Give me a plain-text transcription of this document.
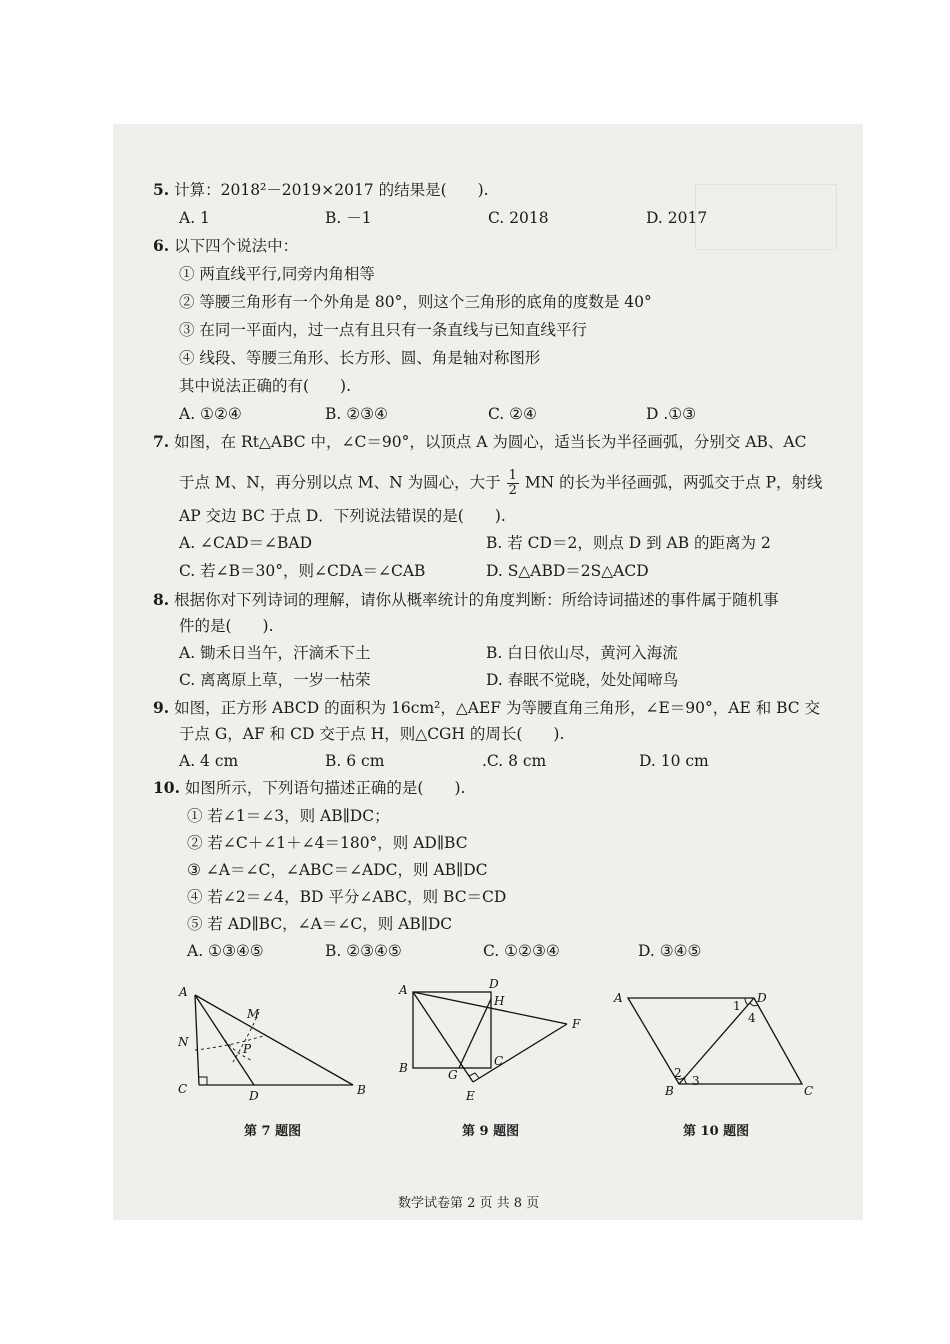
5. 计算：2018²－2019×2017 的结果是(　　).
A. 1	B. －1	C. 2018	D. 2017
6. 以下四个说法中：
① 两直线平行,同旁内角相等
② 等腰三角形有一个外角是 80°，则这个三角形的底角的度数是 40°
③ 在同一平面内，过一点有且只有一条直线与已知直线平行
④ 线段、等腰三角形、长方形、圆、角是轴对称图形
其中说法正确的有(　　).
A. ①②④	B. ②③④	C. ②④	D .①③
7. 如图，在 Rt△ABC 中，∠C＝90°，以顶点 A 为圆心，适当长为半径画弧，分别交 AB、AC
于点 M、N，再分别以点 M、N 为圆心，大于 $\frac{1}{2}$ MN 的长为半径画弧，两弧交于点 P，射线
AP 交边 BC 于点 D．下列说法错误的是(　　).
A. ∠CAD＝∠BAD	B. 若 CD＝2，则点 D 到 AB 的距离为 2
C. 若∠B＝30°，则∠CDA＝∠CAB	D. S△ABD＝2S△ACD
8. 根据你对下列诗词的理解，请你从概率统计的角度判断：所给诗词描述的事件属于随机事
件的是(　　).
A. 锄禾日当午，汗滴禾下土	B. 白日依山尽，黄河入海流
C. 离离原上草，一岁一枯荣	D. 春眠不觉晓，处处闻啼鸟
9. 如图，正方形 ABCD 的面积为 16cm²，△AEF 为等腰直角三角形，∠E＝90°，AE 和 BC 交
于点 G，AF 和 CD 交于点 H，则△CGH 的周长(　　).
A. 4 cm	B. 6 cm	.C. 8 cm	D. 10 cm
10. 如图所示，下列语句描述正确的是(　　).
① 若∠1＝∠3，则 AB∥DC；
② 若∠C＋∠1＋∠4＝180°，则 AD∥BC
③ ∠A＝∠C，∠ABC＝∠ADC，则 AB∥DC
④ 若∠2＝∠4，BD 平分∠ABC，则 BC＝CD
⑤ 若 AD∥BC，∠A＝∠C，则 AB∥DC
A. ①③④⑤	B. ②③④⑤	C. ①②③④	D. ③④⑤
A
B
C	D
M
N	P
第 7 题图
A
B	C
D
E
F
G
H
第 9 题图
A	D
B	C
1
4
2
3
第 10 题图
数学试卷第 2 页 共 8 页
